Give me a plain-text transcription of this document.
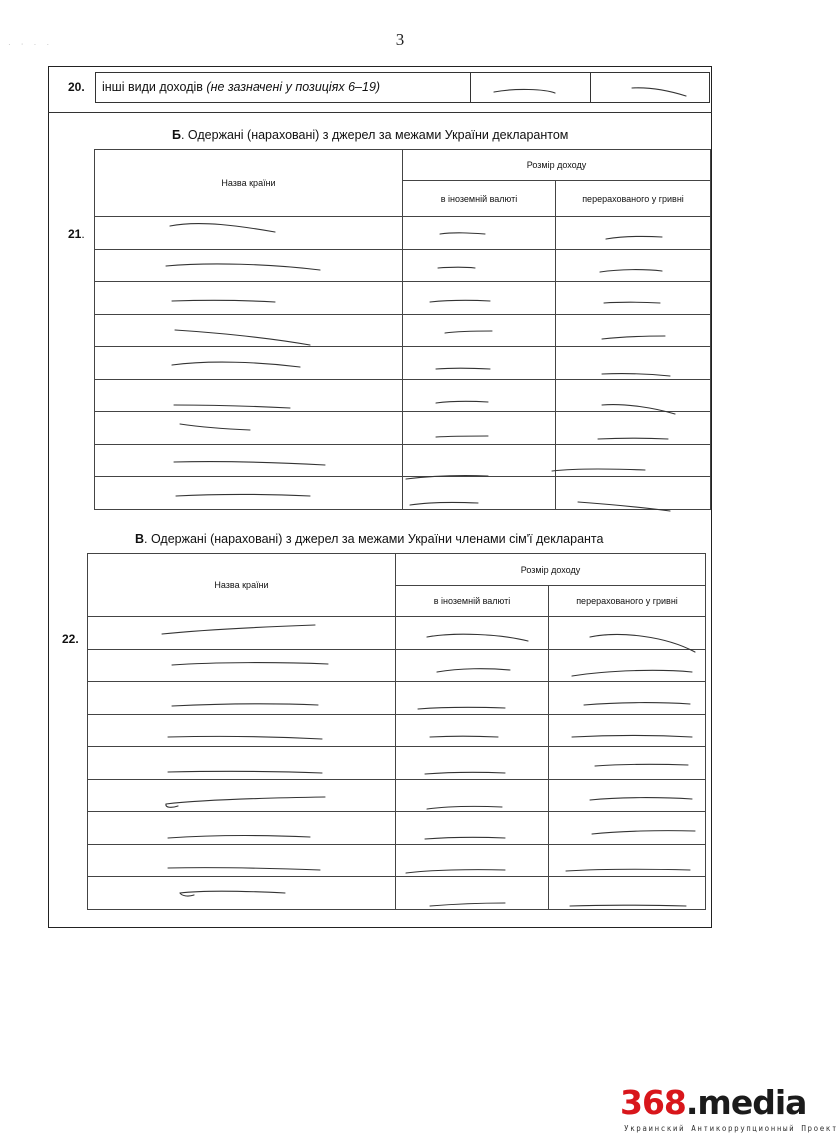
· ‧ · ·	3
20. інші види доходів (не зазначені у позиціях 6–19)
Б. Одержані (нараховані) з джерел за межами України декларантом
21.
Назва країни	Розмір доходу	
	в іноземній валюті	перерахованого у гривні

В. Одержані (нараховані) з джерел за межами України членами сім'ї декларанта
22.
Назва країни	Розмір доходу	
	в іноземній валюті	перерахованого у гривні

368.media
Украинский Антикоррупционный Проект
